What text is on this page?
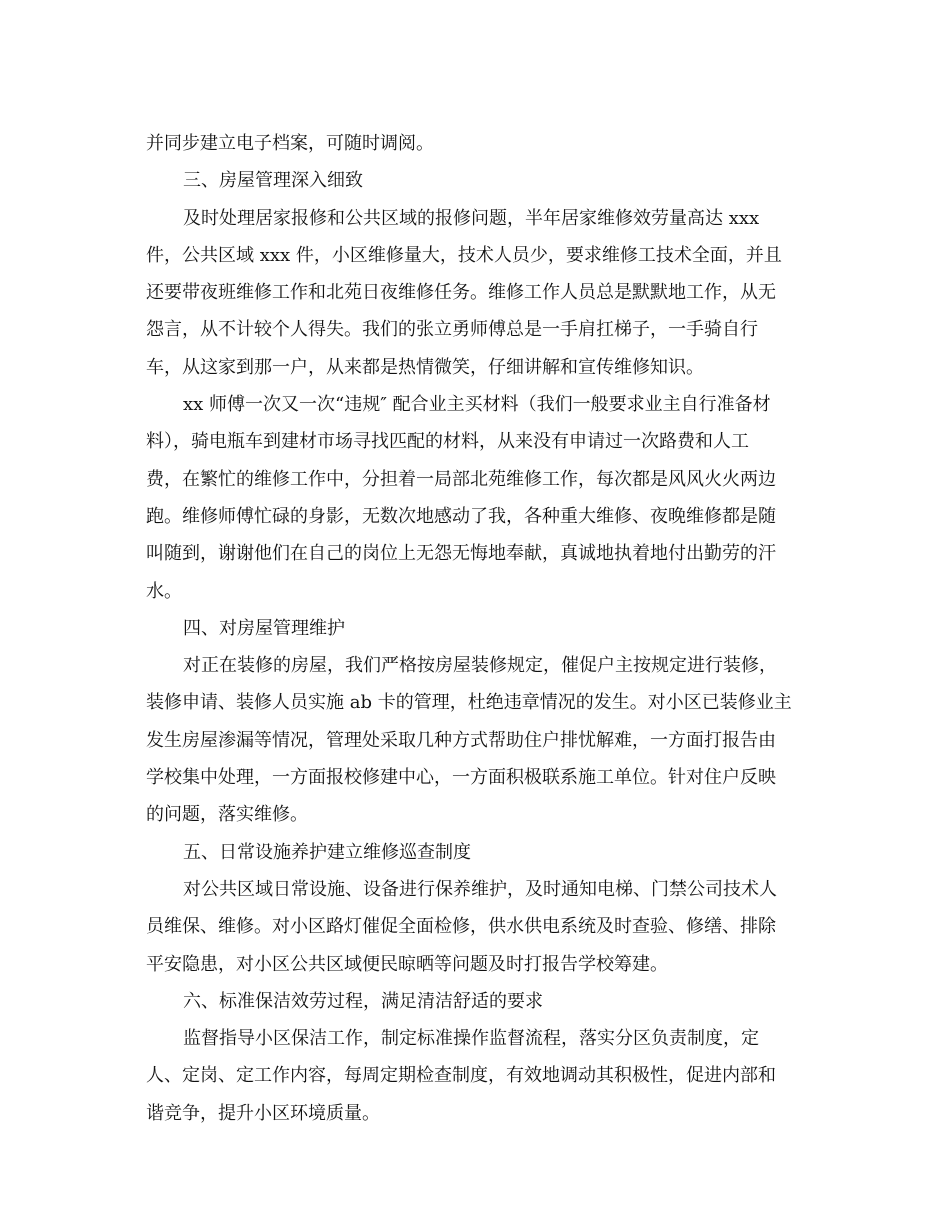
并同步建立电子档案，可随时调阅。

三、房屋管理深入细致

及时处理居家报修和公共区域的报修问题，半年居家维修效劳量高达 xxx

件，公共区域 xxx 件，小区维修量大，技术人员少，要求维修工技术全面，并且

还要带夜班维修工作和北苑日夜维修任务。维修工作人员总是默默地工作，从无

怨言，从不计较个人得失。我们的张立勇师傅总是一手肩扛梯子，一手骑自行

车，从这家到那一户，从来都是热情微笑，仔细讲解和宣传维修知识。

xx 师傅一次又一次“违规″ 配合业主买材料（我们一般要求业主自行准备材

料），骑电瓶车到建材市场寻找匹配的材料，从来没有申请过一次路费和人工

费，在繁忙的维修工作中，分担着一局部北苑维修工作，每次都是风风火火两边

跑。维修师傅忙碌的身影，无数次地感动了我，各种重大维修、夜晚维修都是随

叫随到，谢谢他们在自己的岗位上无怨无悔地奉献，真诚地执着地付出勤劳的汗

水。

四、对房屋管理维护

对正在装修的房屋，我们严格按房屋装修规定，催促户主按规定进行装修，

装修申请、装修人员实施 ab 卡的管理，杜绝违章情况的发生。对小区已装修业主

发生房屋渗漏等情况，管理处采取几种方式帮助住户排忧解难，一方面打报告由

学校集中处理，一方面报校修建中心，一方面积极联系施工单位。针对住户反映

的问题，落实维修。

五、日常设施养护建立维修巡查制度

对公共区域日常设施、设备进行保养维护，及时通知电梯、门禁公司技术人

员维保、维修。对小区路灯催促全面检修，供水供电系统及时查验、修缮、排除

平安隐患，对小区公共区域便民晾晒等问题及时打报告学校筹建。

六、标准保洁效劳过程，满足清洁舒适的要求

监督指导小区保洁工作，制定标准操作监督流程，落实分区负责制度，定

人、定岗、定工作内容，每周定期检查制度，有效地调动其积极性，促进内部和

谐竞争，提升小区环境质量。
